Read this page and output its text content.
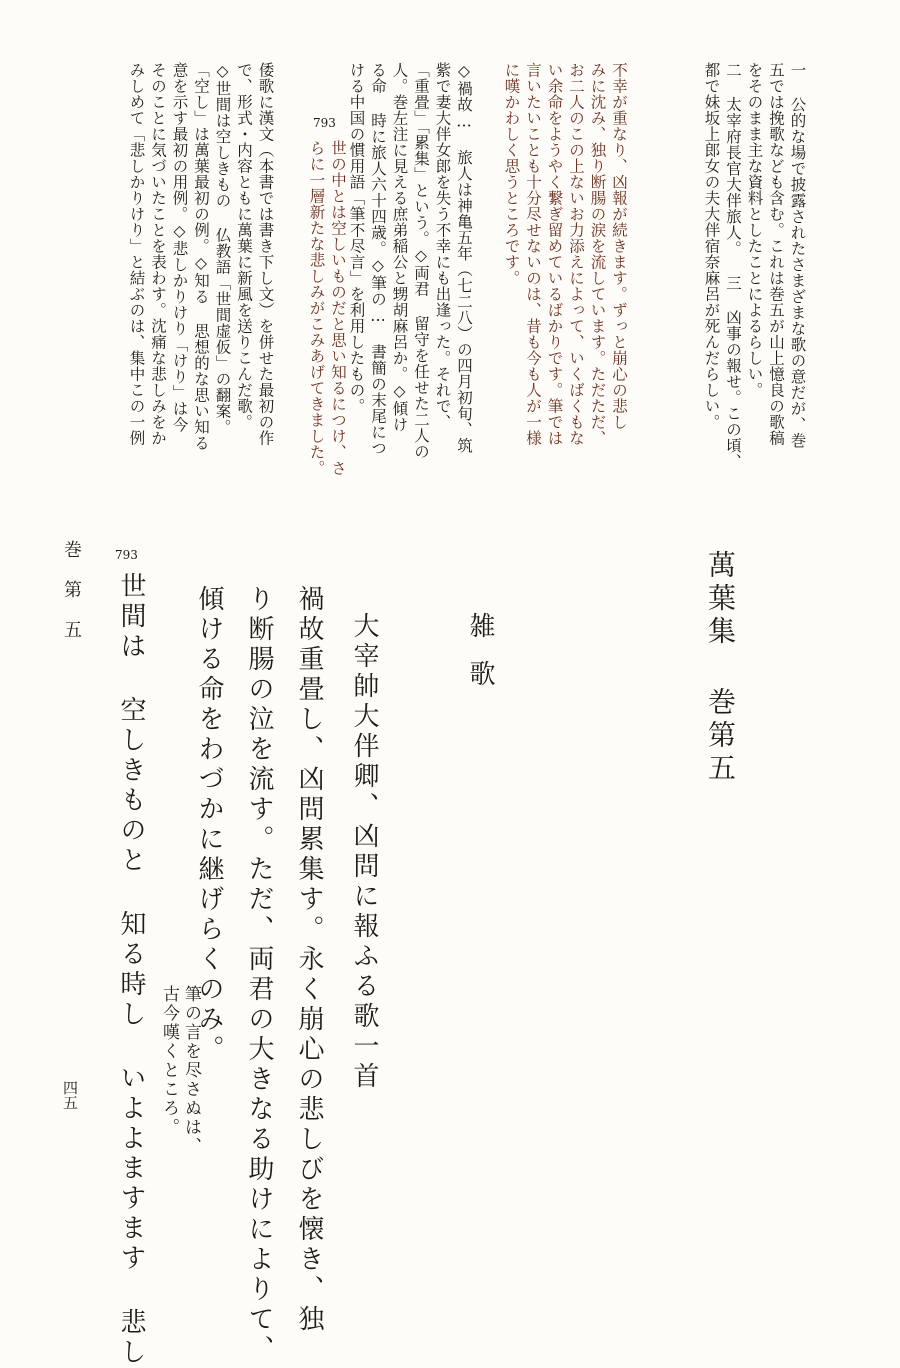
一 公的な場で披露されたさまざまな歌の意だが、巻
五では挽歌なども含む。これは巻五が山上憶良の歌稿
をそのまま主な資料としたことによるらしい。
二 太宰府長官大伴旅人。 三 凶事の報せ。この頃、
都で妹坂上郎女の夫大伴宿奈麻呂が死んだらしい。
不幸が重なり、凶報が続きます。ずっと崩心の悲し
みに沈み、独り断腸の涙を流しています。ただただ、
お二人のこの上ないお力添えによって、いくばくもな
い余命をようやく繋ぎ留めているばかりです。筆では
言いたいことも十分尽せないのは、昔も今も人が一様
に嘆かわしく思うところです。
◇禍故… 旅人は神亀五年（七二八）の四月初旬、筑
紫で妻大伴女郎を失う不幸にも出逢った。それで、
「重畳」「累集」という。◇両君 留守を任せた二人の
人。巻左注に見える庶弟稲公と甥胡麻呂か。◇傾け
る命 時に旅人六十四歳。◇筆の… 書簡の末尾につ
ける中国の慣用語「筆不尽言」を利用したもの。
793
世の中とは空しいものだと思い知るにつけ、さ
らに一層新たな悲しみがこみあげてきました。
倭歌に漢文（本書では書き下し文）を併せた最初の作
で、形式・内容ともに萬葉に新風を送りこんだ歌。
◇世間は空しきもの 仏教語「世間虚仮」の翻案。
「空し」は萬葉最初の例。◇知る 思想的な思い知る
意を示す最初の用例。◇悲しかりけり「けり」は今
そのことに気づいたことを表わす。沈痛な悲しみをか
みしめて「悲しかりけり」と結ぶのは、集中この一例
巻第五	萬葉集 巻第五
雑歌
大宰帥大伴卿、凶問に報ふる歌一首
禍故重畳し、凶問累集す。永く崩心の悲しびを懐き、独
り断腸の泣を流す。ただ、両君の大きなる助けによりて、
傾ける命をわづかに継げらくのみ。
筆の言を尽さぬは、
古今嘆くところ。
793
世間は 空しきものと 知る時し いよよますます 悲し
四五
